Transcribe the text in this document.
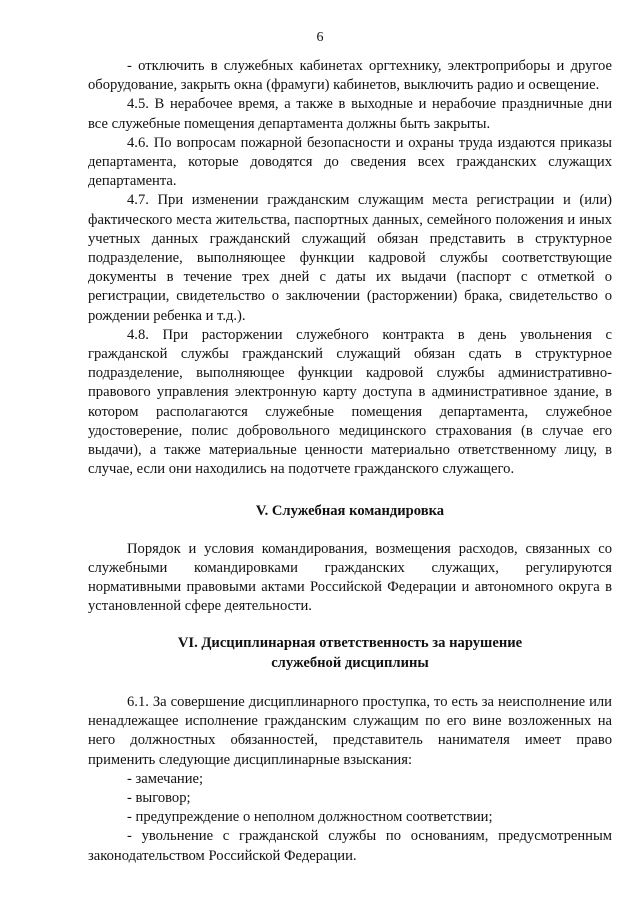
6

- отключить в служебных кабинетах оргтехнику, электроприборы и другое оборудование, закрыть окна (фрамуги) кабинетов, выключить радио и освещение.

4.5. В нерабочее время, а также в выходные и нерабочие праздничные дни все служебные помещения департамента должны быть закрыты.

4.6. По вопросам пожарной безопасности и охраны труда издаются приказы департамента, которые доводятся до сведения всех гражданских служащих департамента.

4.7. При изменении гражданским служащим места регистрации и (или) фактического места жительства, паспортных данных, семейного положения и иных учетных данных гражданский служащий обязан представить в структурное подразделение, выполняющее функции кадровой службы соответствующие документы в течение трех дней с даты их выдачи (паспорт с отметкой о регистрации, свидетельство о заключении (расторжении) брака, свидетельство о рождении ребенка и т.д.).

4.8. При расторжении служебного контракта в день увольнения с гражданской службы гражданский служащий обязан сдать в структурное подразделение, выполняющее функции кадровой службы административно-правового управления электронную карту доступа в административное здание, в котором располагаются служебные помещения департамента, служебное удостоверение, полис добровольного медицинского страхования (в случае его выдачи), а также материальные ценности материально ответственному лицу, в случае, если они находились на подотчете гражданского служащего.

V. Служебная командировка

Порядок и условия командирования, возмещения расходов, связанных со служебными командировками гражданских служащих, регулируются нормативными правовыми актами Российской Федерации и автономного округа в установленной сфере деятельности.

VI. Дисциплинарная ответственность за нарушение
служебной дисциплины

6.1. За совершение дисциплинарного проступка, то есть за неисполнение или ненадлежащее исполнение гражданским служащим по его вине возложенных на него должностных обязанностей, представитель нанимателя имеет право применить следующие дисциплинарные взыскания:

- замечание;

- выговор;

- предупреждение о неполном должностном соответствии;

- увольнение с гражданской службы по основаниям, предусмотренным законодательством Российской Федерации.
